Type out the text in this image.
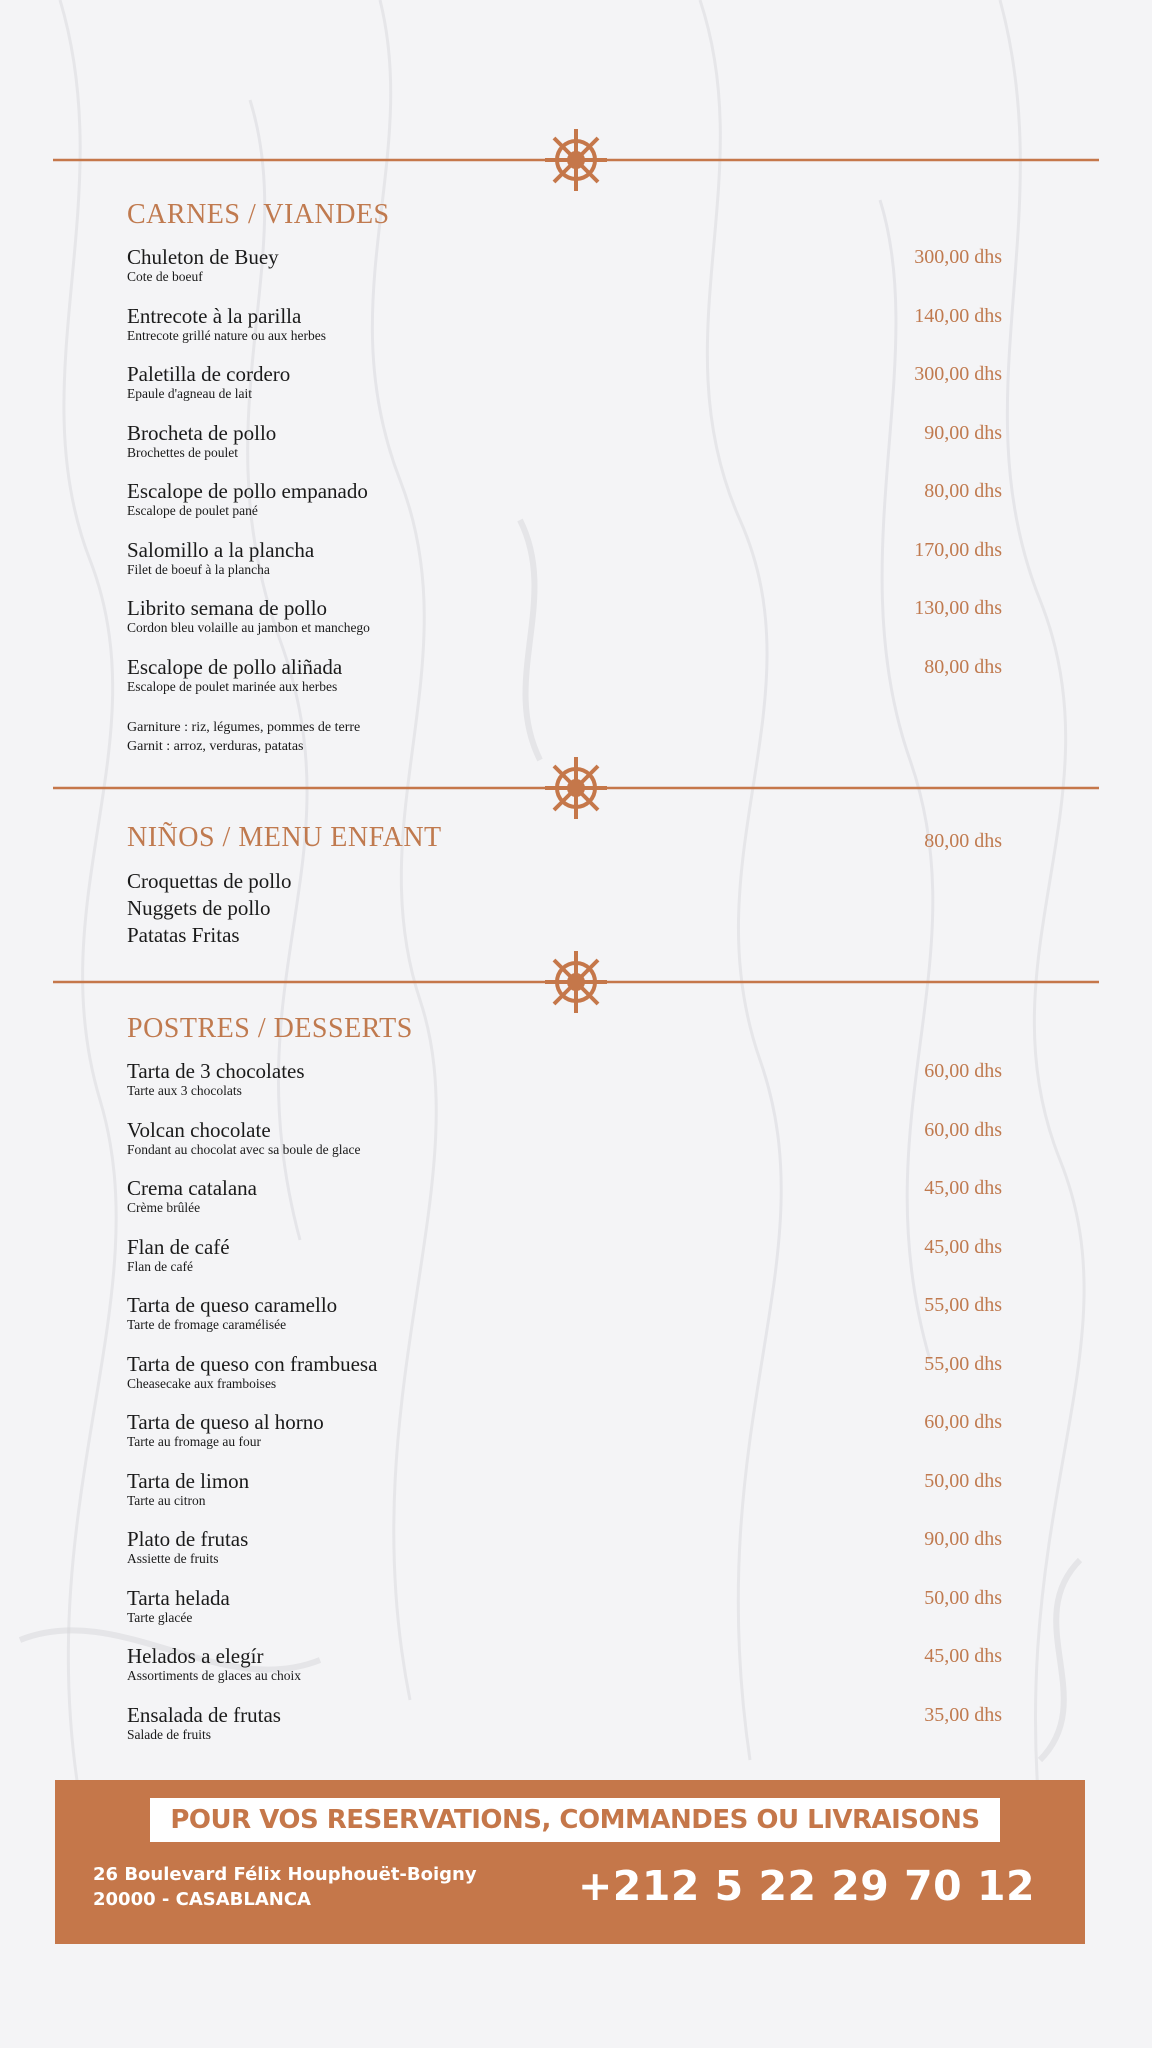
CARNES / VIANDES
Chuleton de Buey
Cote de boeuf
300,00 dhs
Entrecote à la parilla
Entrecote grillé nature ou aux herbes
140,00 dhs
Paletilla de cordero
Epaule d'agneau de lait
300,00 dhs
Brocheta de pollo
Brochettes de poulet
90,00 dhs
Escalope de pollo empanado
Escalope de poulet pané
80,00 dhs
Salomillo a la plancha
Filet de boeuf à la plancha
170,00 dhs
Librito semana de pollo
Cordon bleu volaille au jambon et manchego
130,00 dhs
Escalope de pollo aliñada
Escalope de poulet marinée aux herbes
80,00 dhs
Garniture : riz, légumes, pommes de terre
Garnit : arroz, verduras, patatas
NIÑOS / MENU ENFANT	80,00 dhs
Croquettas de pollo
Nuggets de pollo
Patatas Fritas
POSTRES / DESSERTS
Tarta de 3 chocolates
Tarte aux 3 chocolats
60,00 dhs
Volcan chocolate
Fondant au chocolat avec sa boule de glace
60,00 dhs
Crema catalana
Crème brûlée
45,00 dhs
Flan de café
Flan de café
45,00 dhs
Tarta de queso caramello
Tarte de fromage caramélisée
55,00 dhs
Tarta de queso con frambuesa
Cheasecake aux framboises
55,00 dhs
Tarta de queso al horno
Tarte au fromage au four
60,00 dhs
Tarta de limon
Tarte au citron
50,00 dhs
Plato de frutas
Assiette de fruits
90,00 dhs
Tarta helada
Tarte glacée
50,00 dhs
Helados a elegír
Assortiments de glaces au choix
45,00 dhs
Ensalada de frutas
Salade de fruits
35,00 dhs
POUR VOS RESERVATIONS, COMMANDES OU LIVRAISONS
26 Boulevard Félix Houphouët-Boigny
20000 - CASABLANCA	+212 5 22 29 70 12
